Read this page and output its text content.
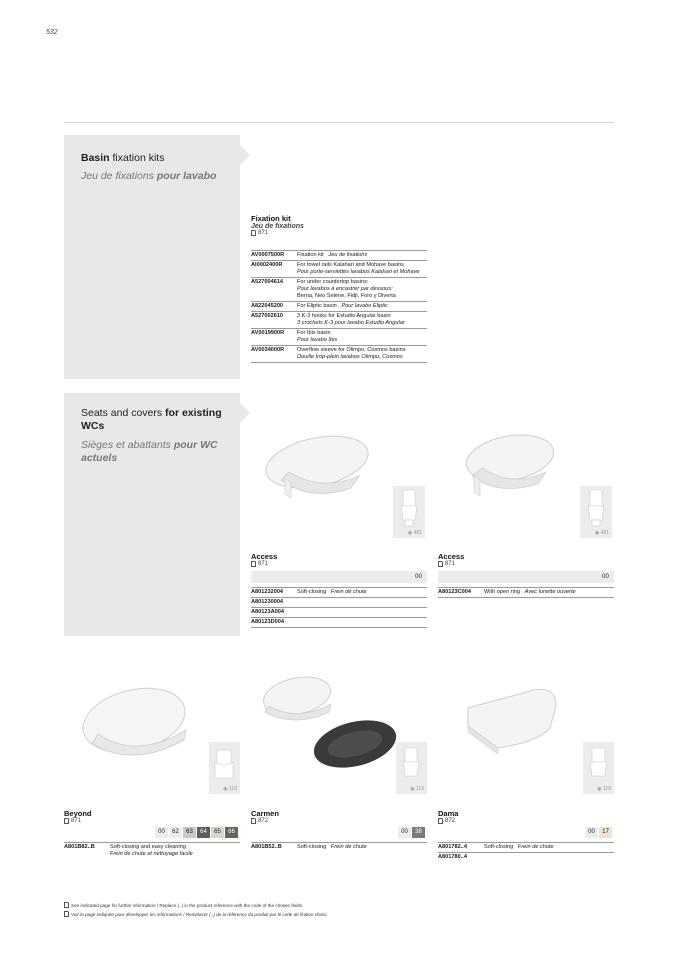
532
Basin fixation kits
Jeu de fixations pour lavabo
Fixation kit
Jeu de fixations
871
AV0007500R	Fixation kit Jeu de fixations
AI0002400R	For towel rails Kalahari and Mohave basins
Pour porte-serviettes lavabos Kalahari et Mohave
A527004614	For under countertop basins:
Pour lavabos à encastrer par dessous:
Berna, Neo Selene, Fidji, Foro y Diverta
A822045200	For Eliptic basin Pour lavabo Eliptic
A527002610	3 K-3 hooks for Estudio Angular basin
3 crochets K-3 pour lavabo Estudio Angular
AV0019900R	For Ibis basin
Pour lavabo Ibis
AV0034000R	Overflow sleeve for Olimpo, Cosmos basins
Douille trop-plein lavabos Olimpo, Cosmos
Seats and covers for existing WCs
Sièges et abattants pour WC actuels
◉ 481	◉ 481
Access
871
00
A801232004	Soft-closing Frein de chute
A801230004
A80123A004
A80123D004
Access
871
00
A80123C004	With open ring Avec lunette ouverte
◉ 118	◉ 118	◉ 119
Beyond
871
00	62	63	64	65	66
A801B82..B	Soft-closing and easy cleaning
Frein de chute et nettoyage facile
Carmen
872
00	38
A801B52..B	Soft-closing Frein de chute
Dama
872
00	17
A801782..4	Soft-closing Frein de chute
A801780..4
See indicated page for further information / Replace (..) in the product reference with the code of the chosen finish.
Voir la page indiquée pour développer les informations / Remplacer (..) de la référence du produit par le code de finition choisi.
